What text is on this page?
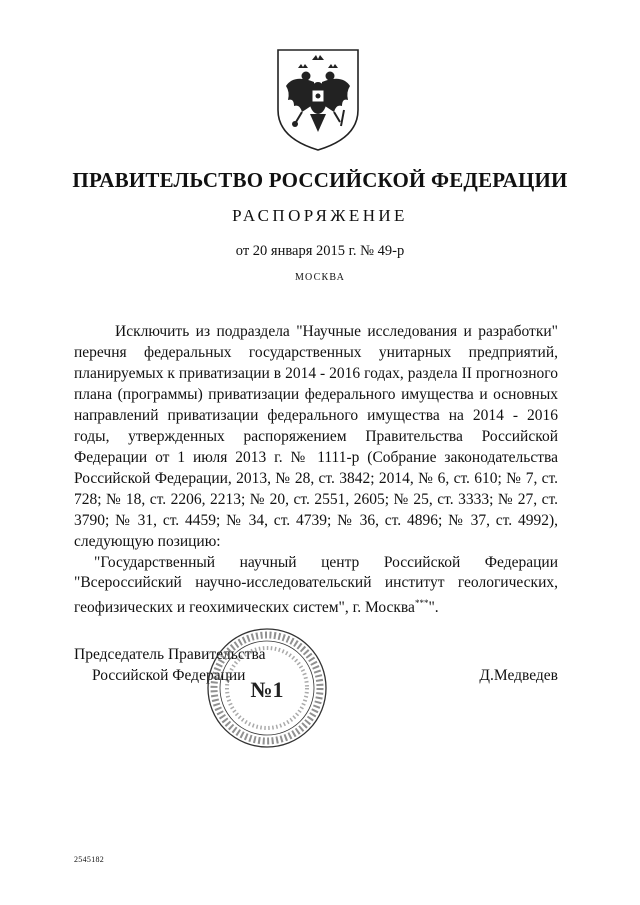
ПРАВИТЕЛЬСТВО РОССИЙСКОЙ ФЕДЕРАЦИИ
РАСПОРЯЖЕНИЕ
от 20 января 2015 г. № 49-р
МОСКВА
Исключить из подраздела "Научные исследования и разработки" перечня федеральных государственных унитарных предприятий, планируемых к приватизации в 2014 - 2016 годах, раздела II прогнозного плана (программы) приватизации федерального имущества и основных направлений приватизации федерального имущества на 2014 - 2016 годы, утвержденных распоряжением Правительства Российской Федерации от 1 июля 2013 г. № 1111-р (Собрание законодательства Российской Федерации, 2013, № 28, ст. 3842; 2014, № 6, ст. 610; № 7, ст. 728; № 18, ст. 2206, 2213; № 20, ст. 2551, 2605; № 25, ст. 3333; № 27, ст. 3790; № 31, ст. 4459; № 34, ст. 4739; № 36, ст. 4896; № 37, ст. 4992), следующую позицию:
"Государственный научный центр Российской Федерации "Всероссийский научно-исследовательский институт геологических, геофизических и геохимических систем", г. Москва***".
Председатель Правительства
Российской Федерации	Д.Медведев
№1
2545182
